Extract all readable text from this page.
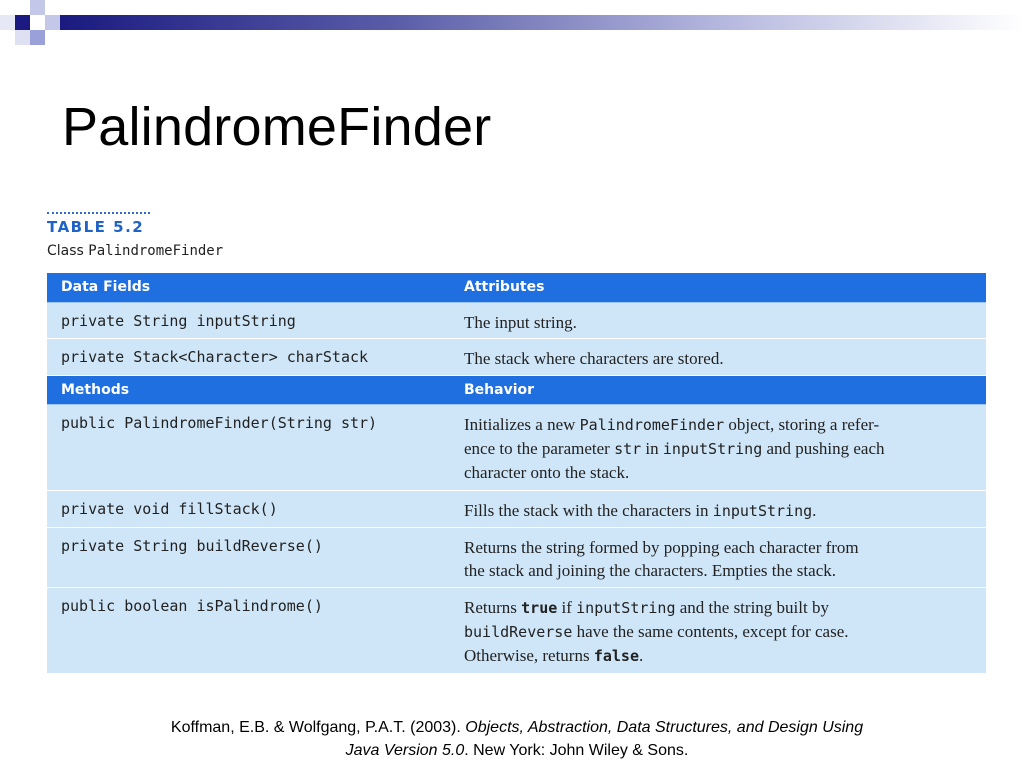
PalindromeFinder

TABLE 5.2

Class PalindromeFinder

Data Fields	Attributes
private String inputString	The input string.
private Stack<Character> charStack	The stack where characters are stored.
Methods	Behavior
public PalindromeFinder(String str)	Initializes a new PalindromeFinder object, storing a refer-
ence to the parameter str in inputString and pushing each
character onto the stack.
private void fillStack()	Fills the stack with the characters in inputString.
private String buildReverse()	Returns the string formed by popping each character from
the stack and joining the characters. Empties the stack.
public boolean isPalindrome()	Returns true if inputString and the string built by
buildReverse have the same contents, except for case.
Otherwise, returns false.

Koffman, E.B. & Wolfgang, P.A.T. (2003). Objects, Abstraction, Data Structures, and Design Using
Java Version 5.0. New York: John Wiley & Sons.
